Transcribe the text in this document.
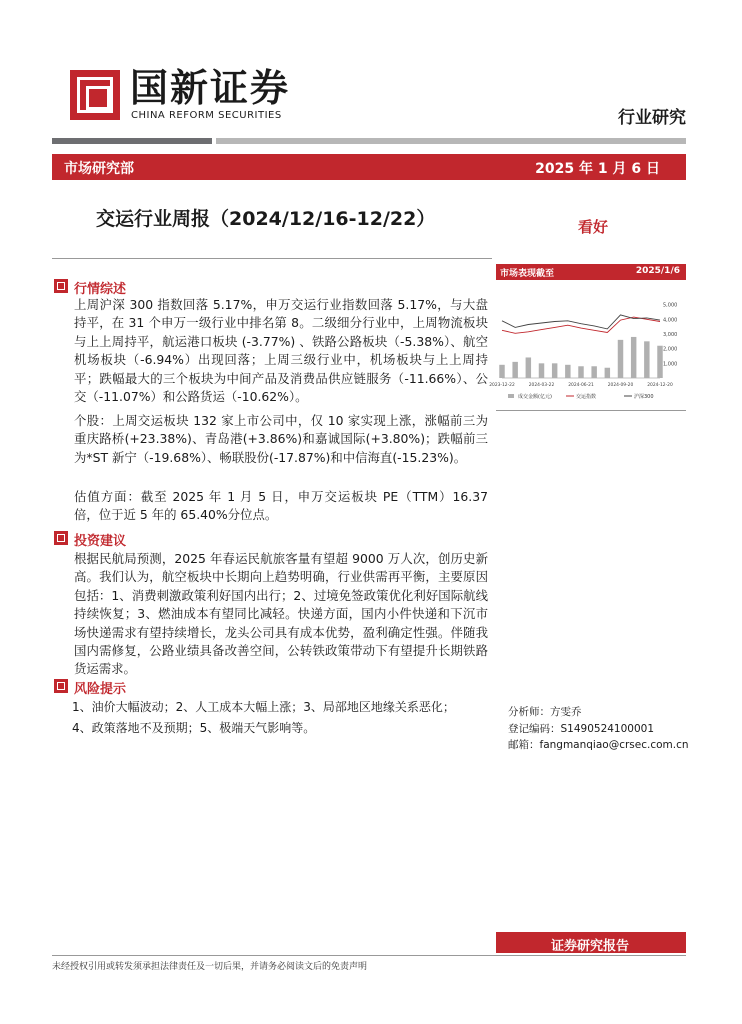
国新证券
CHINA REFORM SECURITIES	行业研究
市场研究部	2025 年 1 月 6 日
交运行业周报（2024/12/16-12/22）	看好
行情综述

上周沪深 300 指数回落 5.17%，申万交运行业指数回落 5.17%，与大盘持平，在 31 个申万一级行业中排名第 8。二级细分行业中，上周物流板块与上上周持平，航运港口板块 (-3.77%) 、铁路公路板块（-5.38%）、航空机场板块（-6.94%）出现回落；上周三级行业中，机场板块与上上周持平；跌幅最大的三个板块为中间产品及消费品供应链服务（-11.66%）、公交（-11.07%）和公路货运（-10.62%）。

个股：上周交运板块 132 家上市公司中，仅 10 家实现上涨，涨幅前三为重庆路桥(+23.38%)、青岛港(+3.86%)和嘉诚国际(+3.80%)；跌幅前三为*ST 新宁（-19.68%）、畅联股份(-17.87%)和中信海直(-15.23%)。

估值方面：截至 2025 年 1 月 5 日，申万交运板块 PE（TTM）16.37 倍，位于近 5 年的 65.40%分位点。

投资建议

根据民航局预测，2025 年春运民航旅客量有望超 9000 万人次，创历史新高。我们认为，航空板块中长期向上趋势明确，行业供需再平衡，主要原因包括：1、消费刺激政策利好国内出行；2、过境免签政策优化利好国际航线持续恢复；3、燃油成本有望同比减轻。快递方面，国内小件快递和下沉市场快递需求有望持续增长，龙头公司具有成本优势，盈利确定性强。伴随我国内需修复，公路业绩具备改善空间，公转铁政策带动下有望提升长期铁路货运需求。

风险提示
1、油价大幅波动；2、人工成本大幅上涨；3、局部地区地缘关系恶化；
4、政策落地不及预期；5、极端天气影响等。
市场表现截至	2025/1/6
1,000
2,000
3,000
4,000
5,000
2023-12-22	2024-03-22	2024-06-21	2024-09-20	2024-12-20
成交金额(亿元)	交运指数	沪深300
分析师：方雯乔
登记编码：S1490524100001
邮箱：fangmanqiao@crsec.com.cn
证券研究报告
未经授权引用或转发须承担法律责任及一切后果，并请务必阅读文后的免责声明
